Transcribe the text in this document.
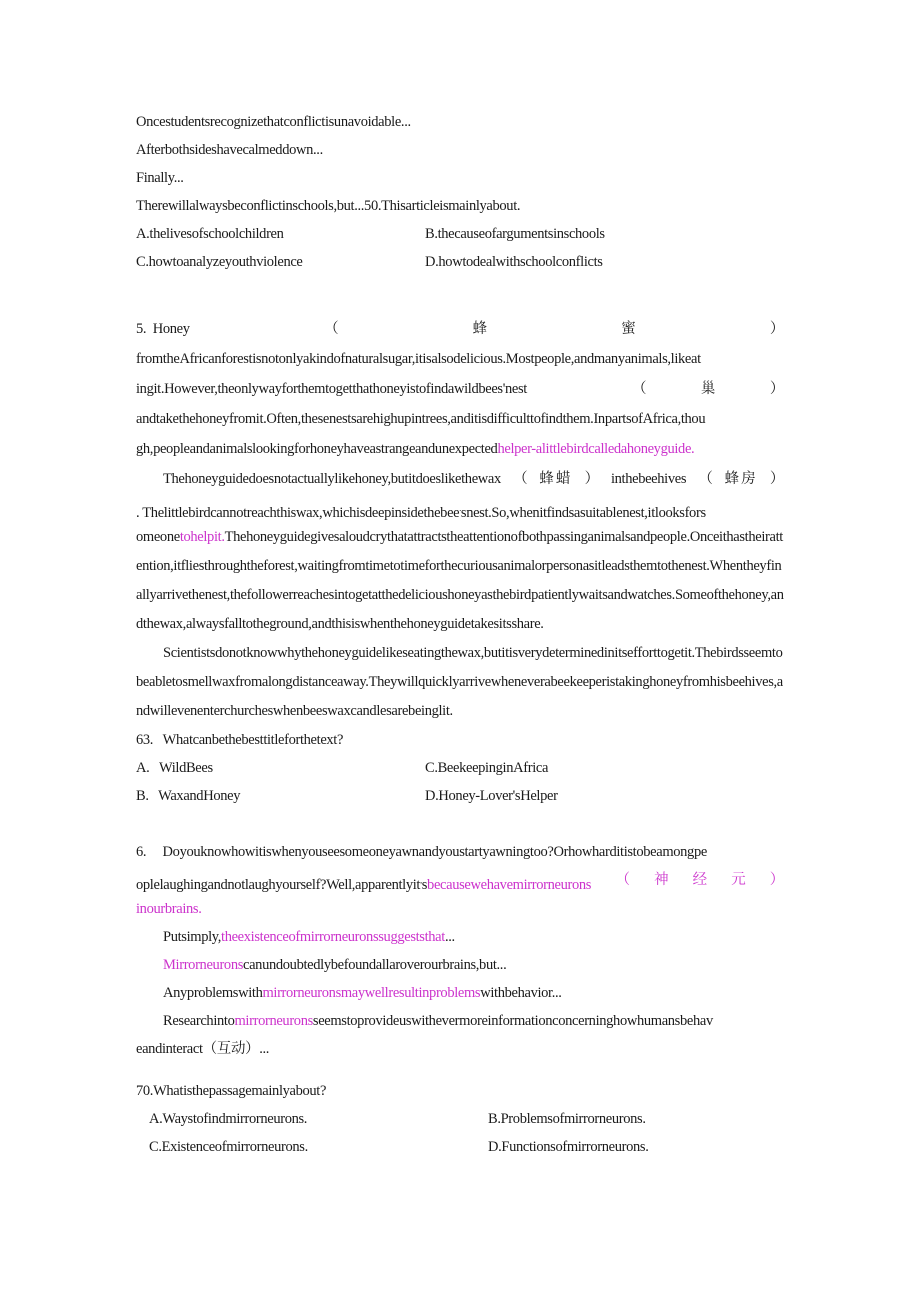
Oncestudentsrecognizethatconflictisunavoidable...
Afterbothsideshavecalmeddown...
Finally...
Therewillalwaysbeconflictinschools,but...50.Thisarticleismainlyabout.
A.thelivesofschoolchildren	B.thecauseofargumentsinschools
C.howtoanalyzeyouthviolence	D.howtodealwithschoolconflicts
5. Honey	（	蜂	蜜	）
fromtheAfricanforestisnotonlyakindofnaturalsugar,itisalsodelicious.Mostpeople,andmanyanimals,likeat
ingit.However,theonlywayforthemtogetthathoneyistofindawildbees'nest	（	巢	）
andtakethehoneyfromit.Often,thesenestsarehighupintrees,anditisdifficulttofindthem.InpartsofAfrica,thou
gh,peopleandanimalslookingforhoneyhaveastrangeandunexpectedhelper-alittlebirdcalledahoneyguide.
Thehoneyguidedoesnotactuallylikehoney,butitdoeslikethewax （ 蜂蜡 ） inthebeehives （ 蜂房 ）
. Thelittlebirdcannotreachthiswax,whichisdeepinsidethebee.snest.So,whenitfindsasuitablenest,itlooksfors
omeonetohelpit.Thehoneyguidegivesaloudcrythatattractstheattentionofbothpassinganimalsandpeople.Onceithastheirattention,itfliesthroughtheforest,waitingfromtimetotimeforthecuriousanimalorpersonasitleadsthemtothenest.Whentheyfinallyarrivethenest,thefollowerreachesintogetatthedelicioushoneyasthebirdpatientlywaitsandwatches.Someofthehoney,andthewax,alwaysfalltotheground,andthisiswhenthehoneyguidetakesitsshare.
Scientistsdonotknowwhythehoneyguidelikeseatingthewax,butitisverydeterminedinitsefforttogetit.Thebirdsseemtobeabletosmellwaxfromalongdistanceaway.Theywillquicklyarrivewheneverabeekeeperistakinghoneyfromhisbeehives,andwillevenenterchurcheswhenbeeswaxcandlesarebeinglit.
63.   Whatcanbethebesttitleforthetext?
A.   WildBees	C.BeekeepinginAfrica
B.   WaxandHoney	D.Honey-Lover'sHelper
6.     Doyouknowhowitiswhenyouseesomeoneyawnandyoustartyawningtoo?Orhowharditistobeamongpe
oplelaughingandnotlaughyourself?Well,apparentlyit,sbecausewehavemirrorneurons （ 神 经 元 ）
inourbrains.
Putsimply,theexistenceofmirrorneuronssuggeststhat...
Mirrorneuronscanundoubtedlybefoundallaroverourbrains,but...
Anyproblemswithmirrorneuronsmaywellresultinproblemswithbehavior...
Researchintomirrorneuronsseemstoprovideuswithevermoreinformationconcerninghowhumansbehav
eandinteract（互动）...
70.Whatisthepassagemainlyabout?
A.Waystofindmirrorneurons.	B.Problemsofmirrorneurons.
C.Existenceofmirrorneurons.	D.Functionsofmirrorneurons.
